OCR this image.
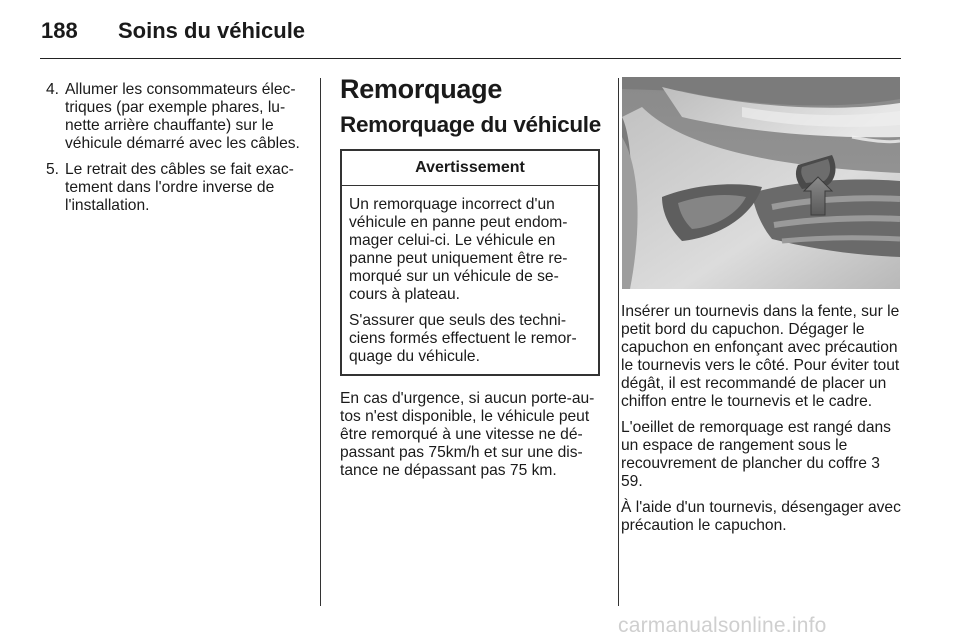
188 Soins du véhicule
4. Allumer les consommateurs électriques (par exemple phares, lunette arrière chauffante) sur le véhicule démarré avec les câbles.
5. Le retrait des câbles se fait exactement dans l'ordre inverse de l'installation.
Remorquage
Remorquage du véhicule
Avertissement

Un remorquage incorrect d'un véhicule en panne peut endommager celui-ci. Le véhicule en panne peut uniquement être remorqué sur un véhicule de secours à plateau.

S'assurer que seuls des techniciens formés effectuent le remorquage du véhicule.

En cas d'urgence, si aucun porte-autos n'est disponible, le véhicule peut être remorqué à une vitesse ne dépassant pas 75km/h et sur une distance ne dépassant pas 75 km.

Insérer un tournevis dans la fente, sur le petit bord du capuchon. Dégager le capuchon en enfonçant avec précaution le tournevis vers le côté. Pour éviter tout dégât, il est recommandé de placer un chiffon entre le tournevis et le cadre.

L'oeillet de remorquage est rangé dans un espace de rangement sous le recouvrement de plancher du coffre 3 59.

À l'aide d'un tournevis, désengager avec précaution le capuchon.

carmanualsonline.info
